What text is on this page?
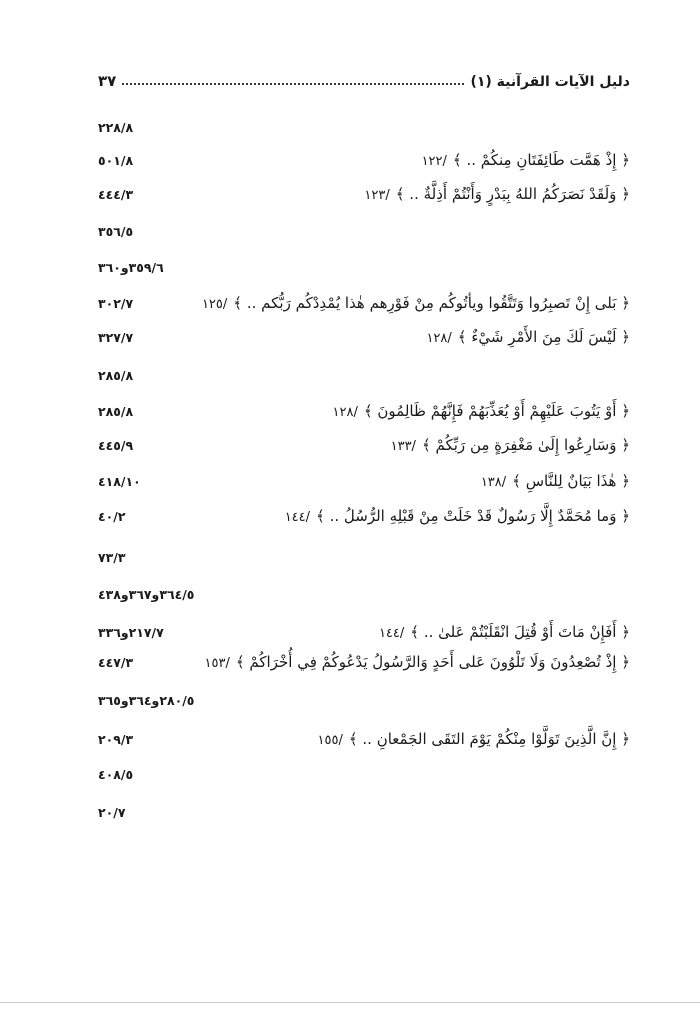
دليل الآيات القرآنية (١)
٣٧
٢٢٨/٨
﴿ إِذْ هَمَّت طَائِفَتَانِ مِنكُمْ .. ﴾
١٢٢/
٥٠١/٨
﴿ وَلَقَدْ نَصَرَكُمُ اللهُ بِبَدْرٍ وَأَنْتُمْ أَذِلَّةٌ .. ﴾
١٢٣/
٤٤٤/٣
٣٥٦/٥
٣٦٠و٣٥٩/٦
﴿ بَلى إِنْ تَصبِرُوا وَتَتَّقُوا ويأتُوكُم مِنْ فَوْرِهم هٰذا يُمْدِدْكُم رَبُّكم .. ﴾
١٢٥/
٣٠٢/٧
﴿ لَيْسَ لَكَ مِنَ الأَمْرِ شَيْءٌ ﴾
١٢٨/
٣٢٧/٧
٢٨٥/٨
﴿ أَوْ يَتُوبَ عَلَيْهِمْ أَوْ يُعَذِّبَهُمْ فَإِنَّهُمْ ظَالِمُونَ ﴾
١٢٨/
٢٨٥/٨
﴿ وَسَارِعُوا إِلَىٰ مَغْفِرَةٍ مِن رَبِّكُمْ ﴾
١٣٣/
٤٤٥/٩
﴿ هٰذَا بَيَانٌ لِلنَّاسِ ﴾
١٣٨/
٤١٨/١٠
﴿ وَما مُحَمَّدٌ إِلَّا رَسُولٌ قَدْ خَلَتْ مِنْ قَبْلِهِ الرُّسُلُ .. ﴾
١٤٤/
٤٠/٢
٧٣/٣
٤٣٨و٣٦٧و٣٦٤/٥
﴿ أَفَإِنْ مَاتَ أَوْ قُتِلَ انْقَلَبْتُمْ عَلىٰ .. ﴾
١٤٤/
٣٣٦و٢١٧/٧
﴿ إِذْ تُصْعِدُونَ وَلَا تَلْوُونَ عَلى أَحَدٍ وَالرَّسُولُ يَدْعُوكُمْ فِي أُخْرَاكُمْ ﴾
١٥٣/
٤٤٧/٣
٣٦٥و٣٦٤و٢٨٠/٥
﴿ إِنَّ الَّذِينَ تَوَلَّوْا مِنْكُمْ يَوْمَ التَقَى الجَمْعانِ .. ﴾
١٥٥/
٢٠٩/٣
٤٠٨/٥
٢٠/٧
